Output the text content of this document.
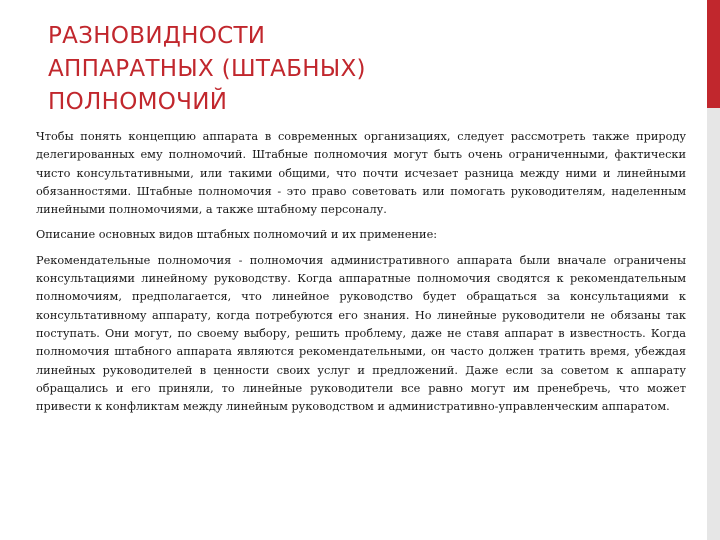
РАЗНОВИДНОСТИ
АППАРАТНЫХ (ШТАБНЫХ)
ПОЛНОМОЧИЙ

Чтобы понять концепцию аппарата в современных организациях, следует рассмотреть также природу делегированных ему полномочий. Штабные полномочия могут быть очень ограниченными, фактически чисто консультативными, или такими общими, что почти исчезает разница между ними и линейными обязанностями. Штабные полномочия - это право советовать или помогать руководителям, наделенным линейными полномочиями, а также штабному персоналу.

Описание основных видов штабных полномочий и их применение:

Рекомендательные полномочия - полномочия административного аппарата были вначале ограничены консультациями линейному руководству. Когда аппаратные полномочия сводятся к рекомендательным полномочиям, предполагается, что линейное руководство будет обращаться за консультациями к консультативному аппарату, когда потребуются его знания. Но линейные руководители не обязаны так поступать. Они могут, по своему выбору, решить проблему, даже не ставя аппарат в известность. Когда полномочия штабного аппарата являются рекомендательными, он часто должен тратить время, убеждая линейных руководителей в ценности своих услуг и предложений. Даже если за советом к аппарату обращались и его приняли, то линейные руководители все равно могут им пренебречь, что может привести к конфликтам между линейным руководством и административно-управленческим аппаратом.
